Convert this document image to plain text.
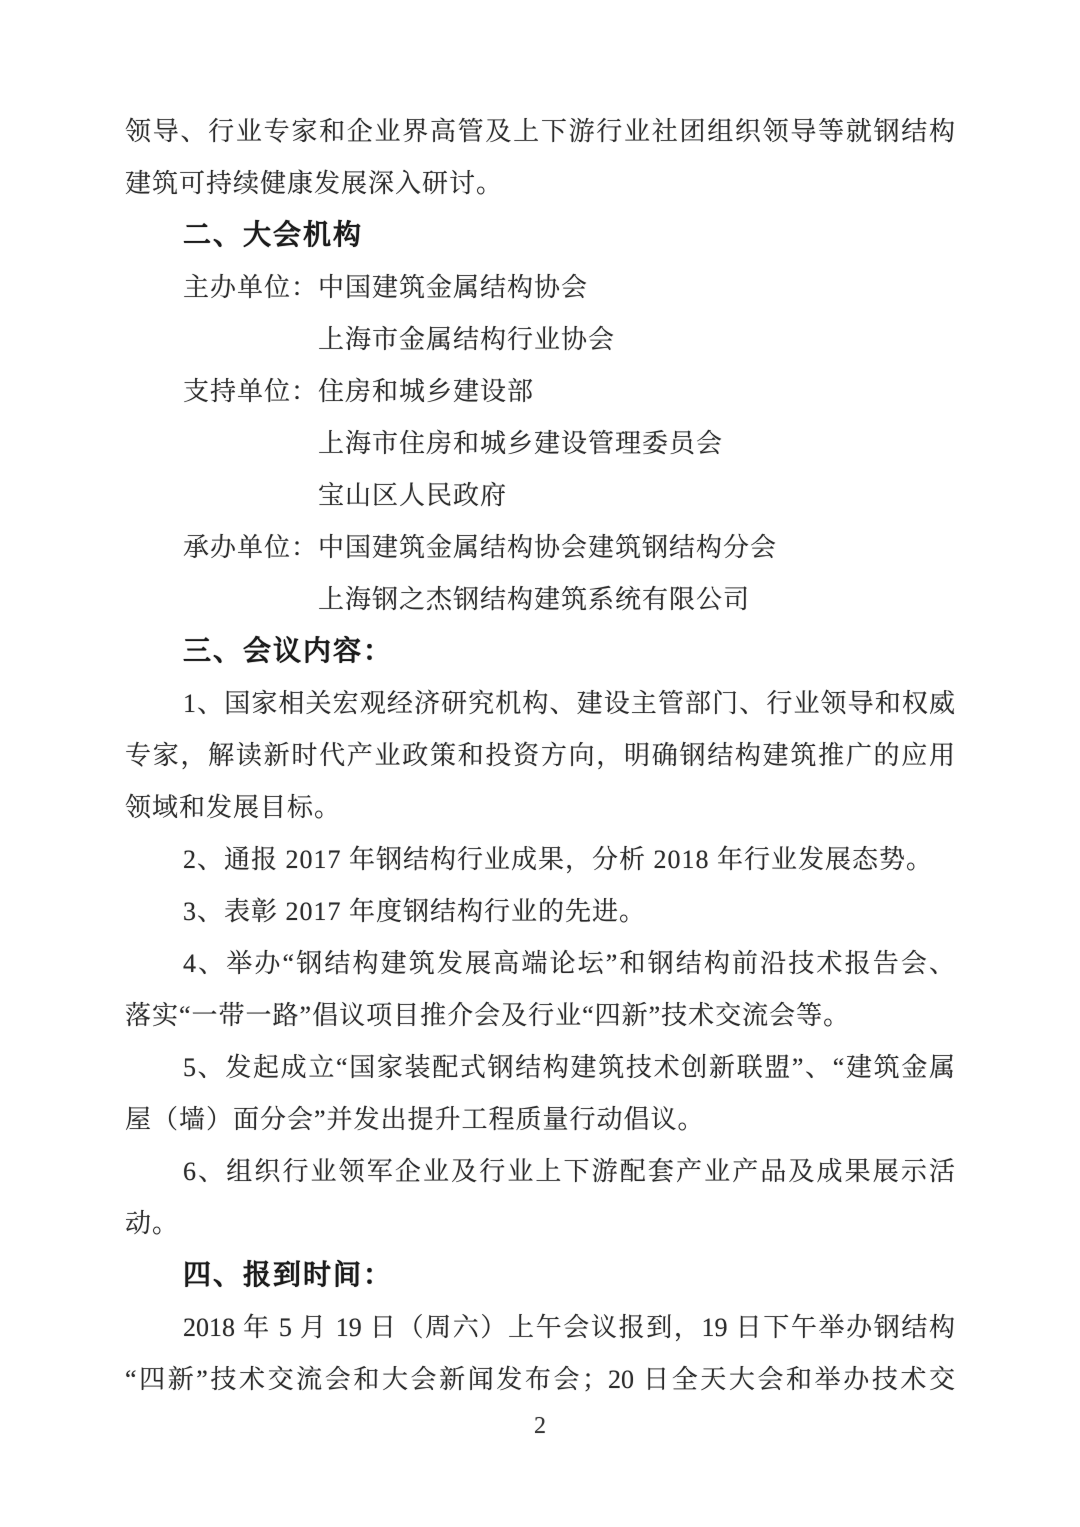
领导、行业专家和企业界高管及上下游行业社团组织领导等就钢结构

建筑可持续健康发展深入研讨。

二、大会机构
主办单位： 中国建筑金属结构协会
上海市金属结构行业协会
支持单位： 住房和城乡建设部
上海市住房和城乡建设管理委员会
宝山区人民政府
承办单位： 中国建筑金属结构协会建筑钢结构分会
上海钢之杰钢结构建筑系统有限公司
三、会议内容：

1、国家相关宏观经济研究机构、建设主管部门、行业领导和权威

专家，解读新时代产业政策和投资方向，明确钢结构建筑推广的应用

领域和发展目标。

2、通报 2017 年钢结构行业成果，分析 2018 年行业发展态势。

3、表彰 2017 年度钢结构行业的先进。

4、举办“钢结构建筑发展高端论坛”和钢结构前沿技术报告会、

落实“一带一路”倡议项目推介会及行业“四新”技术交流会等。

5、发起成立“国家装配式钢结构建筑技术创新联盟”、“建筑金属

屋（墙）面分会”并发出提升工程质量行动倡议。

6、组织行业领军企业及行业上下游配套产业产品及成果展示活

动。

四、报到时间：

2018 年 5 月 19 日（周六）上午会议报到，19 日下午举办钢结构

“四新”技术交流会和大会新闻发布会；20 日全天大会和举办技术交

2
